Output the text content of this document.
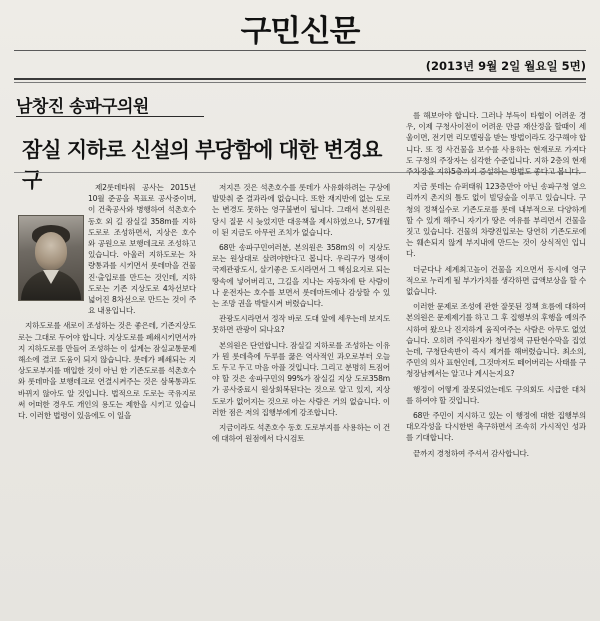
구민신문
(2013년 9월 2일 월요일 5면)
남창진 송파구의원
잠실 지하로 신설의 부당함에 대한 변경요구	제2롯데타워 공사는 2015년 10월 준공을 목표로 공사중이며, 이 건축공사와 병행하여 석촌호수 동호 외 길 잠실길 358m를 지하도로로 조성하면서, 지상은 호수와 공원으로 보행데크로 조성하고 있습니다. 아울러 지하도로는 차량통과를 시키면서 롯데마을 건물 진·출입로를 만드는 것인데, 지하도로는 기존 지상도로 4차선보다 넓어진 8차선으로 만드는 것이 주요 내용입니다.

지하도로를 새로이 조성하는 것은 좋은데, 기존지상도로는 그대로 두어야 합니다. 지상도로를 폐쇄시키면서까지 지하도로를 만들어 조성하는 이 설계는 잠실교통문제 해소에 결코 도움이 되지 않습니다. 롯데가 폐쇄되는 지상도로부지를 매입한 것이 아닌 한 기존도로를 석촌호수와 롯데마을 보행데크로 연결시켜주는 것은 삼복통과도 바뀌지 않아도 알 것입니다. 법적으로 도로는 국유지로써 어떠한 경우도 개인의 용도는 제한을 시키고 있습니다. 이러한 법령이 있음에도 이 일을

저지른 것은 석촌호수를 롯데가 사유화하려는 구상에 발맞춰 준 결과라에 없습니다. 또한 재지반에 없는 도로는 변경도 못하는 영구불변이 됩니다. 그래서 본의원은 당시 질문 시 늦었지만 대응책을 제시하였으나, 57개월이 된 지금도 아무런 조치가 없습니다.

68만 송파구민여러분, 본의원은 358m의 이 지상도로는 원상대로 살려야한다고 봅니다. 우리구가 명색이 국제관광도시, 살기좋은 도시라면서 그 핵심요지로 되는 땅속에 넣어버리고, 그길을 지나는 자동차에 탄 사람이나 운전자는 호수를 보면서 롯데마트에나 감상할 수 있는 조망 권을 박탈시켜 버렸습니다.

관광도시라면서 정작 바로 도대 앞에 세우는데 보지도 못하면 관광이 되나요?

본의원은 단언합니다. 잠실길 지하로를 조성하는 이유가 뭔 롯데측에 두루를 꿇은 역사적인 과오로부터 오늘도 두고 두고 마음 아플 것입니다. 그리고 분명히 트짐어야 할 것은 송파구민의 99%가 잠실길 지상 도로358m가 공사중료시 원상회복된다는 것으로 알고 있지, 지상도로가 없어지는 것으로 아는 사람은 거의 없습니다. 이러한 점은 저의 집행부에게 강조합니다.

지금이라도 석촌호수 동호 도로부지를 사용하는 이 건에 대하여 원점에서 다시검토

를 해보아야 합니다. 그러나 부득이 타협이 어려운 경우, 이제 구청사이전이 어려운 만큼 재산정을 할때이 세울이면, 전기면 리모델링을 받는 방법이라도 강구해야 합니다. 또 정 사건물을 보수를 사용하는 현재로로 가져다 도 구청의 주장자는 심각한 수준입니다. 지하 2층의 현재 주차장을 지하5층까지 증설하는 방법도 좋다고 봅니다.

지금 롯데는 슈퍼태워 123층만아 아닌 송파구청 옆으리까지 촌지의 틈도 없이 빌딩숲을 이루고 있습니다. 구청의 정책실수로 기존도로를 롯데 내부적으로 다양하게 할 수 있게 해주니 자기가 땅은 여유를 부리면서 건물을 짓고 있습니다. 건물의 차량진입로는 당연히 기존도로에는 훼손되지 않게 부지내에 만드는 것이 상식적인 입니다.

더군다나 세계최고높이 건물을 지으면서 동시에 영구적으로 누리게 될 부가가치를 생각하면 급액보상을 할 수 없습니다.

이러한 문제로 조성에 관한 잘못된 정책 흐름에 대하여 본의원은 문제제기를 하고 그 후 집행부의 후행을 예의주시하여 왔으나 진지하게 움직여주는 사람은 아무도 없었습니다. 오히려 주익원자가 청년정색 규탄현수막을 집었는데, 구청단속반이 즉시 제거를 해버렸습니다. 최소의, 주민의 의사 표현인데, 그것마저도 떼어버리는 사태를 구청장남께서는 알고나 계시는지요?

행정이 어떻게 잘못되었는데도 구의회도 시급한 대처를 하여야 할 것입니다.

68만 주민이 지시하고 있는 이 행정에 대한 집행부의 대오각성을 다시한번 촉구하면서 조속히 가시적인 성과를 기대합니다.

끝까지 경청하여 주셔서 감사합니다.
